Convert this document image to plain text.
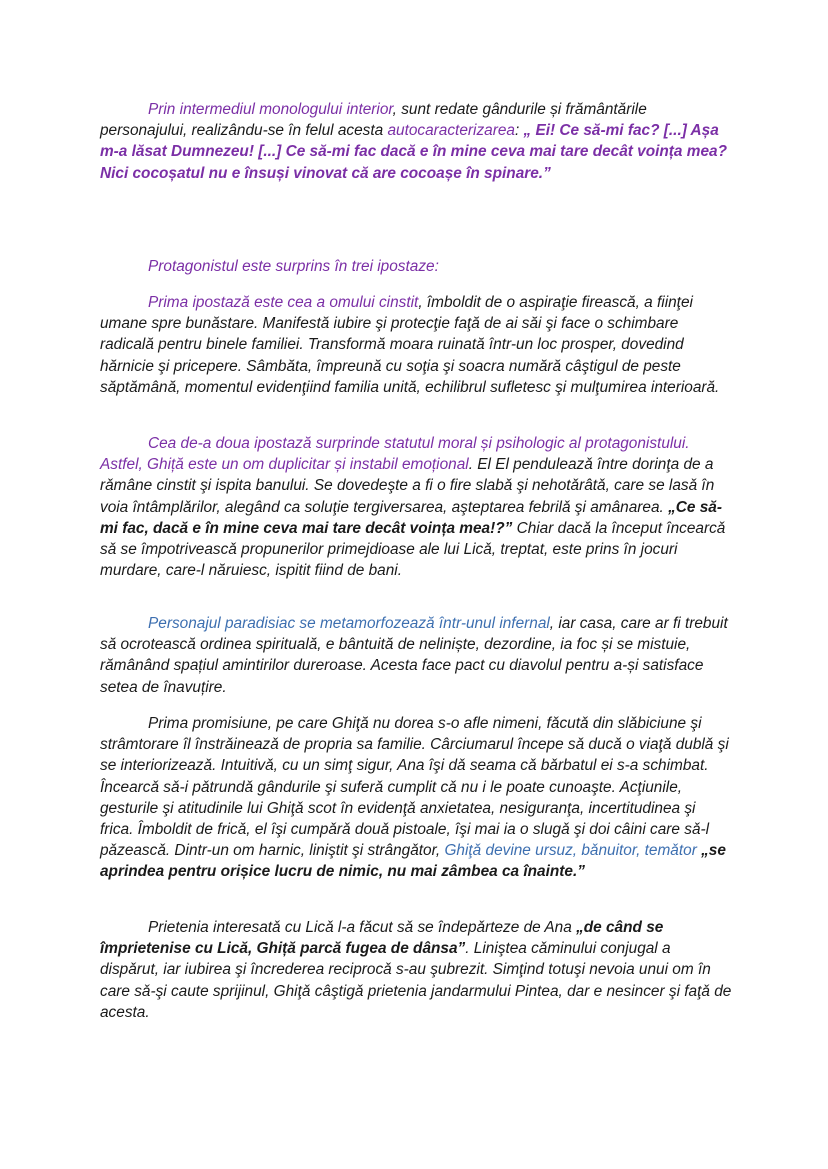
Prin intermediul monologului interior, sunt redate gândurile și frământările personajului, realizându-se în felul acesta autocaracterizarea: „ Ei! Ce să-mi fac? [...] Așa m-a lăsat Dumnezeu! [...] Ce să-mi fac dacă e în mine ceva mai tare decât voința mea? Nici cocoșatul nu e însuși vinovat că are cocoașe în spinare.”

Protagonistul este surprins în trei ipostaze:

Prima ipostază este cea a omului cinstit, îmboldit de o aspiraţie firească, a fiinţei umane spre bunăstare. Manifestă iubire şi protecţie faţă de ai săi şi face o schimbare radicală pentru binele familiei. Transformă moara ruinată într-un loc prosper, dovedind hărnicie şi pricepere. Sâmbăta, împreună cu soţia şi soacra numără câştigul de peste săptămână, momentul evidenţiind familia unită, echilibrul sufletesc şi mulţumirea interioară.

Cea de-a doua ipostază surprinde statutul moral și psihologic al protagonistului. Astfel, Ghiță este un om duplicitar și instabil emoțional. El El penduleazǎ între dorinţa de a rǎmâne cinstit şi ispita banului. Se dovedeşte a fi o fire slabǎ şi nehotǎrâtǎ, care se lasǎ în voia întâmplǎrilor, alegând ca soluţie tergiversarea, aşteptarea febrilǎ şi amânarea. „Ce să-mi fac, dacă e în mine ceva mai tare decât voința mea!?” Chiar dacǎ la început încearcǎ sǎ se împotriveascǎ propunerilor primejdioase ale lui Licǎ, treptat, este prins în jocuri murdare, care-l năruiesc, ispitit fiind de bani.

Personajul paradisiac se metamorfozează într-unul infernal, iar casa, care ar fi trebuit să ocrotească ordinea spirituală, e bântuită de neliniște, dezordine, ia foc și se mistuie, rămânând spațiul amintirilor dureroase. Acesta face pact cu diavolul pentru a-și satisface setea de înavuțire.

Prima promisiune, pe care Ghiţă nu dorea s-o afle nimeni, fǎcutǎ din slǎbiciune şi strâmtorare îl înstrǎineazǎ de propria sa familie. Cârciumarul începe sǎ ducǎ o viaţǎ dublǎ şi se interiorizeazǎ. Intuitivǎ, cu un simţ sigur, Ana îşi dǎ seama cǎ bǎrbatul ei s-a schimbat. Încearcǎ sǎ-i pǎtrundǎ gândurile şi suferǎ cumplit cǎ nu i le poate cunoaşte. Acţiunile, gesturile şi atitudinile lui Ghiţǎ scot în evidenţǎ anxietatea, nesiguranţa, incertitudinea şi frica. Îmboldit de fricǎ, el îşi cumpǎrǎ douǎ pistoale, îşi mai ia o slugǎ şi doi câini care sǎ-l pǎzeascǎ. Dintr-un om harnic, liniştit şi strângǎtor, Ghiţǎ devine ursuz, bǎnuitor, temǎtor „se aprindea pentru orișice lucru de nimic, nu mai zâmbea ca înainte.”

Prietenia interesatǎ cu Licǎ l-a fǎcut sǎ se îndepǎrteze de Ana „de când se împrietenise cu Lică, Ghiță parcă fugea de dânsa”. Liniştea cǎminului conjugal a dispǎrut, iar iubirea şi încrederea reciprocǎ s-au şubrezit. Simţind totuşi nevoia unui om în care sǎ-şi caute sprijinul, Ghiţǎ câştigǎ prietenia jandarmului Pintea, dar e nesincer şi faţǎ de acesta.
